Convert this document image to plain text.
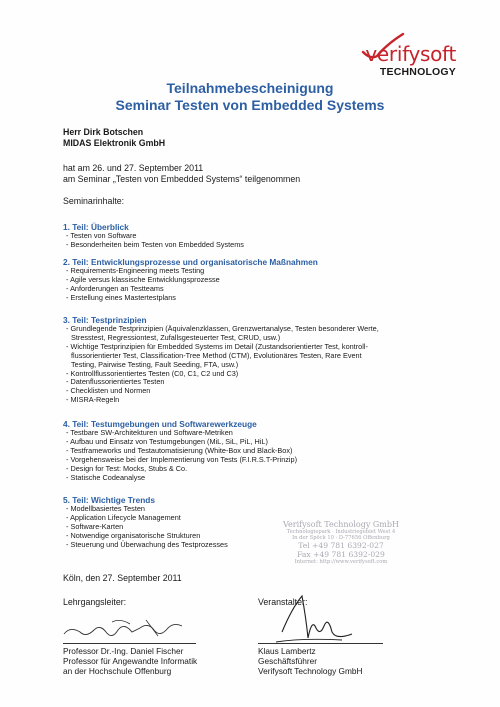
verifysoft
TECHNOLOGY
Teilnahmebescheinigung
Seminar Testen von Embedded Systems
Herr Dirk Botschen
MIDAS Elektronik GmbH
hat am 26. und 27. September 2011
am Seminar „Testen von Embedded Systems“ teilgenommen
Seminarinhalte:
1. Teil: Überblick
- Testen von Software
- Besonderheiten beim Testen von Embedded Systems
2. Teil: Entwicklungsprozesse und organisatorische Maßnahmen
- Requirements-Engineering meets Testing
- Agile versus klassische Entwicklungsprozesse
- Anforderungen an Testteams
- Erstellung eines Mastertestplans
3. Teil: Testprinzipien
- Grundlegende Testprinzipien (Äquivalenzklassen, Grenzwertanalyse, Testen besonderer Werte,
Stresstest, Regressiontest, Zufallsgesteuerter Test, CRUD, usw.)
- Wichtige Testprinzipien für Embedded Systems im Detail (Zustandsorientierter Test, kontroll-
flussorientierter Test, Classification-Tree Method (CTM), Evolutionäres Testen, Rare Event
Testing, Pairwise Testing, Fault Seeding, FTA, usw.)
- Kontrollflussorientiertes Testen (C0, C1, C2 und C3)
- Datenflussorientiertes Testen
- Checklisten und Normen
- MISRA-Regeln
4. Teil: Testumgebungen und Softwarewerkzeuge
- Testbare SW-Architekturen und Software-Metriken
- Aufbau und Einsatz von Testumgebungen (MiL, SiL, PiL, HiL)
- Testframeworks und Testautomatisierung (White-Box und Black-Box)
- Vorgehensweise bei der Implementierung von Tests (F.I.R.S.T-Prinzip)
- Design for Test: Mocks, Stubs & Co.
- Statische Codeanalyse
5. Teil: Wichtige Trends
- Modellbasiertes Testen
- Application Lifecycle Management
- Software-Karten
- Notwendige organisatorische Strukturen
- Steuerung und Überwachung des Testprozesses
Verifysoft Technology GmbH
Technologiepark · Industriegebiet West 4
In der Spöck 10 · D-77656 Offenburg
Tel +49 781 6392-027
Fax +49 781 6392-029
Internet: http://www.verifysoft.com
Köln, den 27. September 2011
Lehrgangsleiter:
Professor Dr.-Ing. Daniel Fischer
Professor für Angewandte Informatik
an der Hochschule Offenburg
Veranstalter:
Klaus Lambertz
Geschäftsführer
Verifysoft Technology GmbH
